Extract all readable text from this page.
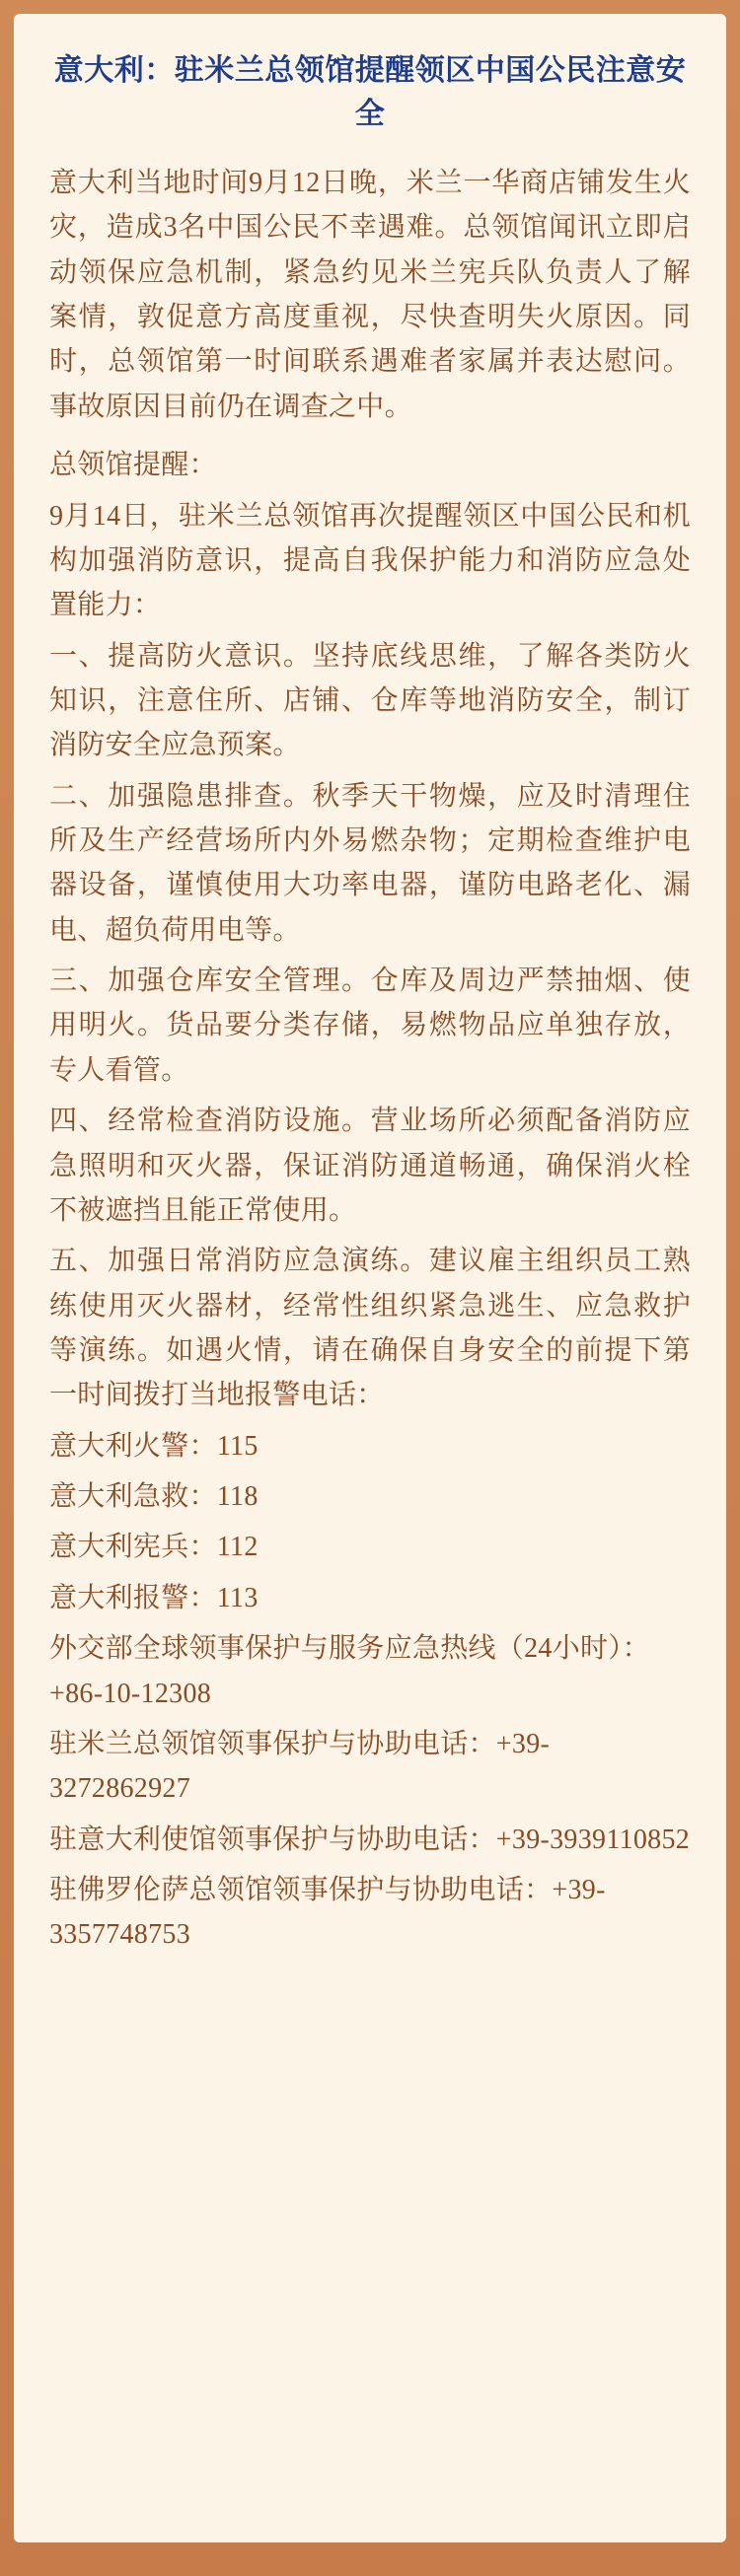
意大利：驻米兰总领馆提醒领区中国公民注意安全

意大利当地时间9月12日晚，米兰一华商店铺发生火灾，造成3名中国公民不幸遇难。总领馆闻讯立即启动领保应急机制，紧急约见米兰宪兵队负责人了解案情，敦促意方高度重视，尽快查明失火原因。同时，总领馆第一时间联系遇难者家属并表达慰问。事故原因目前仍在调查之中。

总领馆提醒：

9月14日，驻米兰总领馆再次提醒领区中国公民和机构加强消防意识，提高自我保护能力和消防应急处置能力：

一、提高防火意识。坚持底线思维，了解各类防火知识，注意住所、店铺、仓库等地消防安全，制订消防安全应急预案。

二、加强隐患排查。秋季天干物燥，应及时清理住所及生产经营场所内外易燃杂物；定期检查维护电器设备，谨慎使用大功率电器，谨防电路老化、漏电、超负荷用电等。

三、加强仓库安全管理。仓库及周边严禁抽烟、使用明火。货品要分类存储，易燃物品应单独存放，专人看管。

四、经常检查消防设施。营业场所必须配备消防应急照明和灭火器，保证消防通道畅通，确保消火栓不被遮挡且能正常使用。

五、加强日常消防应急演练。建议雇主组织员工熟练使用灭火器材，经常性组织紧急逃生、应急救护等演练。如遇火情，请在确保自身安全的前提下第一时间拨打当地报警电话：

意大利火警：115

意大利急救：118

意大利宪兵：112

意大利报警：113

外交部全球领事保护与服务应急热线（24小时）：+86-10-12308

驻米兰总领馆领事保护与协助电话：+39-3272862927

驻意大利使馆领事保护与协助电话：+39-3939110852

驻佛罗伦萨总领馆领事保护与协助电话：+39-3357748753
